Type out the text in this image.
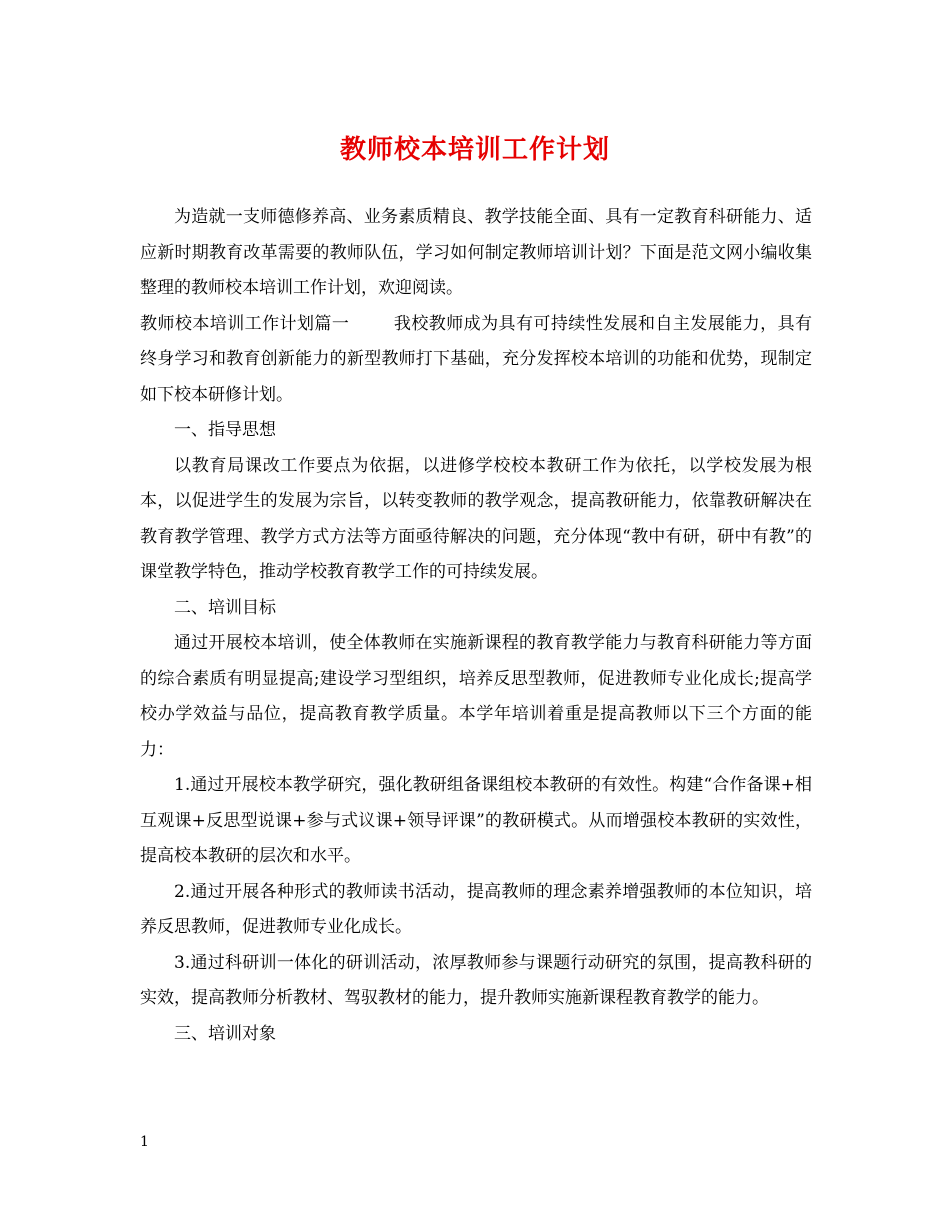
教师校本培训工作计划

为造就一支师德修养高、业务素质精良、教学技能全面、具有一定教育科研能力、适应新时期教育改革需要的教师队伍，学习如何制定教师培训计划？下面是范文网小编收集整理的教师校本培训工作计划，欢迎阅读。

教师校本培训工作计划篇一	我校教师成为具有可持续性发展和自主发展能力，具有终身学习和教育创新能力的新型教师打下基础，充分发挥校本培训的功能和优势，现制定如下校本研修计划。

一、指导思想

以教育局课改工作要点为依据，以进修学校校本教研工作为依托，以学校发展为根本，以促进学生的发展为宗旨，以转变教师的教学观念，提高教研能力，依靠教研解决在教育教学管理、教学方式方法等方面亟待解决的问题，充分体现“教中有研，研中有教”的课堂教学特色，推动学校教育教学工作的可持续发展。

二、培训目标

通过开展校本培训，使全体教师在实施新课程的教育教学能力与教育科研能力等方面的综合素质有明显提高;建设学习型组织，培养反思型教师，促进教师专业化成长;提高学校办学效益与品位，提高教育教学质量。本学年培训着重是提高教师以下三个方面的能力：

1.通过开展校本教学研究，强化教研组备课组校本教研的有效性。构建“合作备课+相互观课+反思型说课+参与式议课+领导评课”的教研模式。从而增强校本教研的实效性，提高校本教研的层次和水平。

2.通过开展各种形式的教师读书活动，提高教师的理念素养增强教师的本位知识，培养反思教师，促进教师专业化成长。

3.通过科研训一体化的研训活动，浓厚教师参与课题行动研究的氛围，提高教科研的实效，提高教师分析教材、驾驭教材的能力，提升教师实施新课程教育教学的能力。

三、培训对象

1
